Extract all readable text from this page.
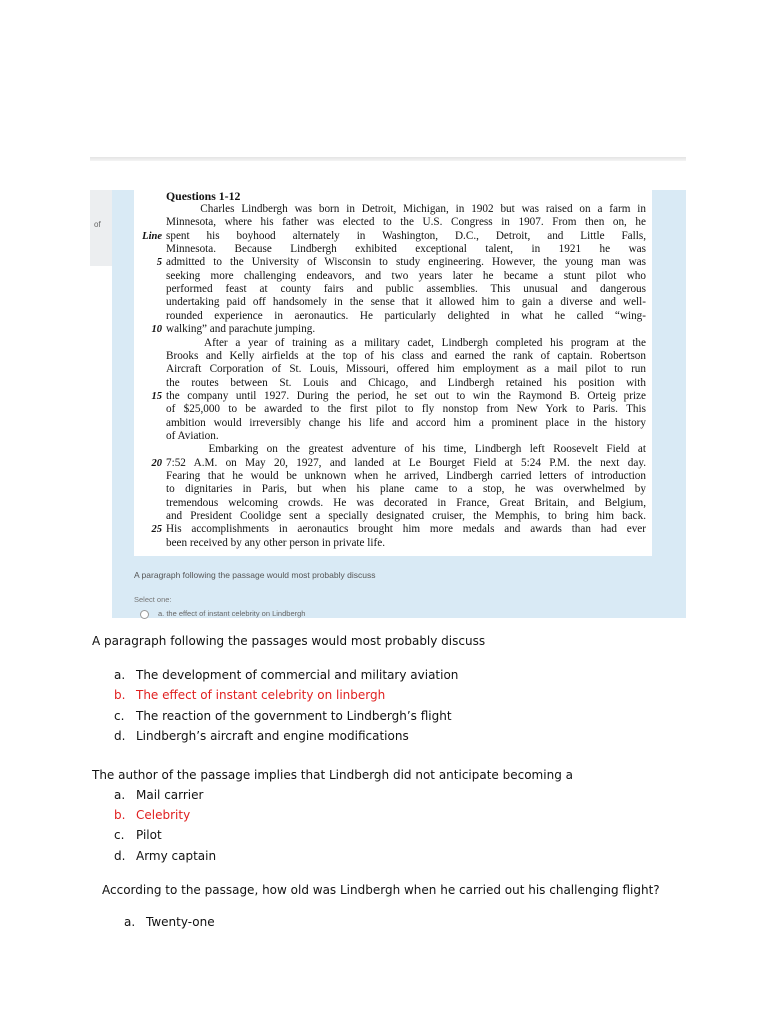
of
Questions 1-12
Charles Lindbergh was born in Detroit, Michigan, in 1902 but was raised on a farm in
Minnesota, where his father was elected to the U.S. Congress in 1907. From then on, he
Line spent his boyhood alternately in Washington, D.C., Detroit, and Little Falls,
Minnesota. Because Lindbergh exhibited exceptional talent, in 1921 he was
5 admitted to the University of Wisconsin to study engineering. However, the young man was
seeking more challenging endeavors, and two years later he became a stunt pilot who
performed feast at county fairs and public assemblies. This unusual and dangerous
undertaking paid off handsomely in the sense that it allowed him to gain a diverse and well-
rounded experience in aeronautics. He particularly delighted in what he called “wing-
10 walking” and parachute jumping.
After a year of training as a military cadet, Lindbergh completed his program at the
Brooks and Kelly airfields at the top of his class and earned the rank of captain. Robertson
Aircraft Corporation of St. Louis, Missouri, offered him employment as a mail pilot to run
the routes between St. Louis and Chicago, and Lindbergh retained his position with
15 the company until 1927. During the period, he set out to win the Raymond B. Orteig prize
of $25,000 to be awarded to the first pilot to fly nonstop from New York to Paris. This
ambition would irreversibly change his life and accord him a prominent place in the history
of Aviation.
Embarking on the greatest adventure of his time, Lindbergh left Roosevelt Field at
20 7:52 A.M. on May 20, 1927, and landed at Le Bourget Field at 5:24 P.M. the next day.
Fearing that he would be unknown when he arrived, Lindbergh carried letters of introduction
to dignitaries in Paris, but when his plane came to a stop, he was overwhelmed by
tremendous welcoming crowds. He was decorated in France, Great Britain, and Belgium,
and President Coolidge sent a specially designated cruiser, the Memphis, to bring him back.
25 His accomplishments in aeronautics brought him more medals and awards than had ever
been received by any other person in private life.
A paragraph following the passage would most probably discuss
Select one:
a. the effect of instant celebrity on Lindbergh
A paragraph following the passages would most probably discuss
a. The development of commercial and military aviation
b. The effect of instant celebrity on linbergh
c. The reaction of the government to Lindbergh’s flight
d. Lindbergh’s aircraft and engine modifications
The author of the passage implies that Lindbergh did not anticipate becoming a
a. Mail carrier
b. Celebrity
c. Pilot
d. Army captain
According to the passage, how old was Lindbergh when he carried out his challenging flight?
a. Twenty-one
